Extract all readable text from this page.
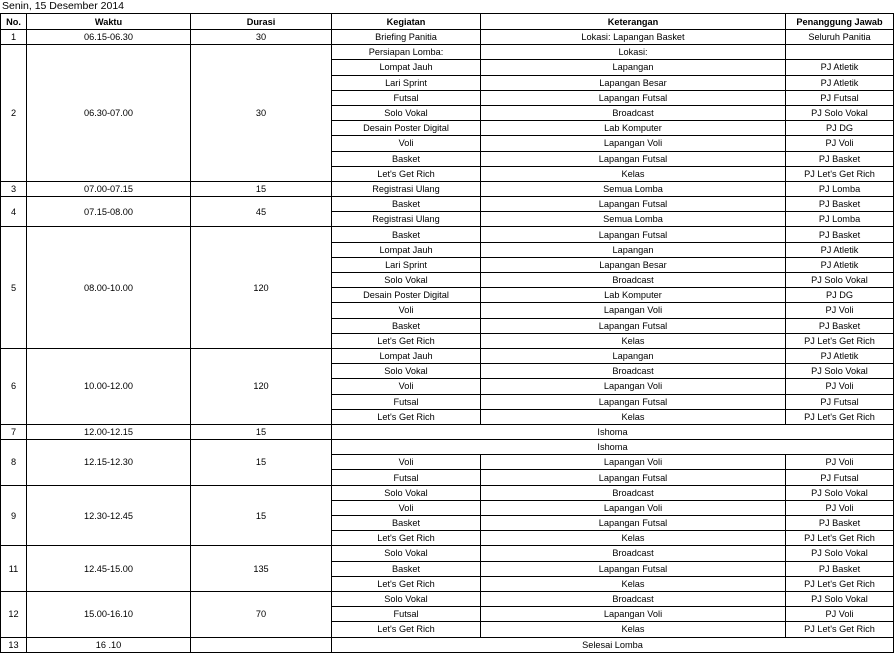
Senin, 15 Desember 2014
No.	Waktu	Durasi	Kegiatan	Keterangan	Penanggung Jawab
1	06.15-06.30	30	Briefing Panitia	Lokasi: Lapangan Basket	Seluruh Panitia
2	06.30-07.00	30	Persiapan Lomba:	Lokasi:	
			Lompat Jauh	Lapangan	PJ Atletik
			Lari Sprint	Lapangan Besar	PJ Atletik
			Futsal	Lapangan Futsal	PJ Futsal
			Solo Vokal	Broadcast	PJ Solo Vokal
			Desain Poster Digital	Lab Komputer	PJ DG
			Voli	Lapangan Voli	PJ Voli
			Basket	Lapangan Futsal	PJ Basket
			Let's Get Rich	Kelas	PJ Let's Get Rich
3	07.00-07.15	15	Registrasi Ulang	Semua Lomba	PJ Lomba
4	07.15-08.00	45	Basket	Lapangan Futsal	PJ Basket
			Registrasi Ulang	Semua Lomba	PJ Lomba
5	08.00-10.00	120	Basket	Lapangan Futsal	PJ Basket
			Lompat Jauh	Lapangan	PJ Atletik
			Lari Sprint	Lapangan Besar	PJ Atletik
			Solo Vokal	Broadcast	PJ Solo Vokal
			Desain Poster Digital	Lab Komputer	PJ DG
			Voli	Lapangan Voli	PJ Voli
			Basket	Lapangan Futsal	PJ Basket
			Let's Get Rich	Kelas	PJ Let's Get Rich
6	10.00-12.00	120	Lompat Jauh	Lapangan	PJ Atletik
			Solo Vokal	Broadcast	PJ Solo Vokal
			Voli	Lapangan Voli	PJ Voli
			Futsal	Lapangan Futsal	PJ Futsal
			Let's Get Rich	Kelas	PJ Let's Get Rich
7	12.00-12.15	15	Ishoma		
8	12.15-12.30	15	Ishoma		
			Voli	Lapangan Voli	PJ Voli
			Futsal	Lapangan Futsal	PJ Futsal
9	12.30-12.45	15	Solo Vokal	Broadcast	PJ Solo Vokal
			Voli	Lapangan Voli	PJ Voli
			Basket	Lapangan Futsal	PJ Basket
			Let's Get Rich	Kelas	PJ Let's Get Rich
11	12.45-15.00	135	Solo Vokal	Broadcast	PJ Solo Vokal
			Basket	Lapangan Futsal	PJ Basket
			Let's Get Rich	Kelas	PJ Let's Get Rich
12	15.00-16.10	70	Solo Vokal	Broadcast	PJ Solo Vokal
			Futsal	Lapangan Voli	PJ Voli
			Let's Get Rich	Kelas	PJ Let's Get Rich
13	16 .10		Selesai Lomba		
